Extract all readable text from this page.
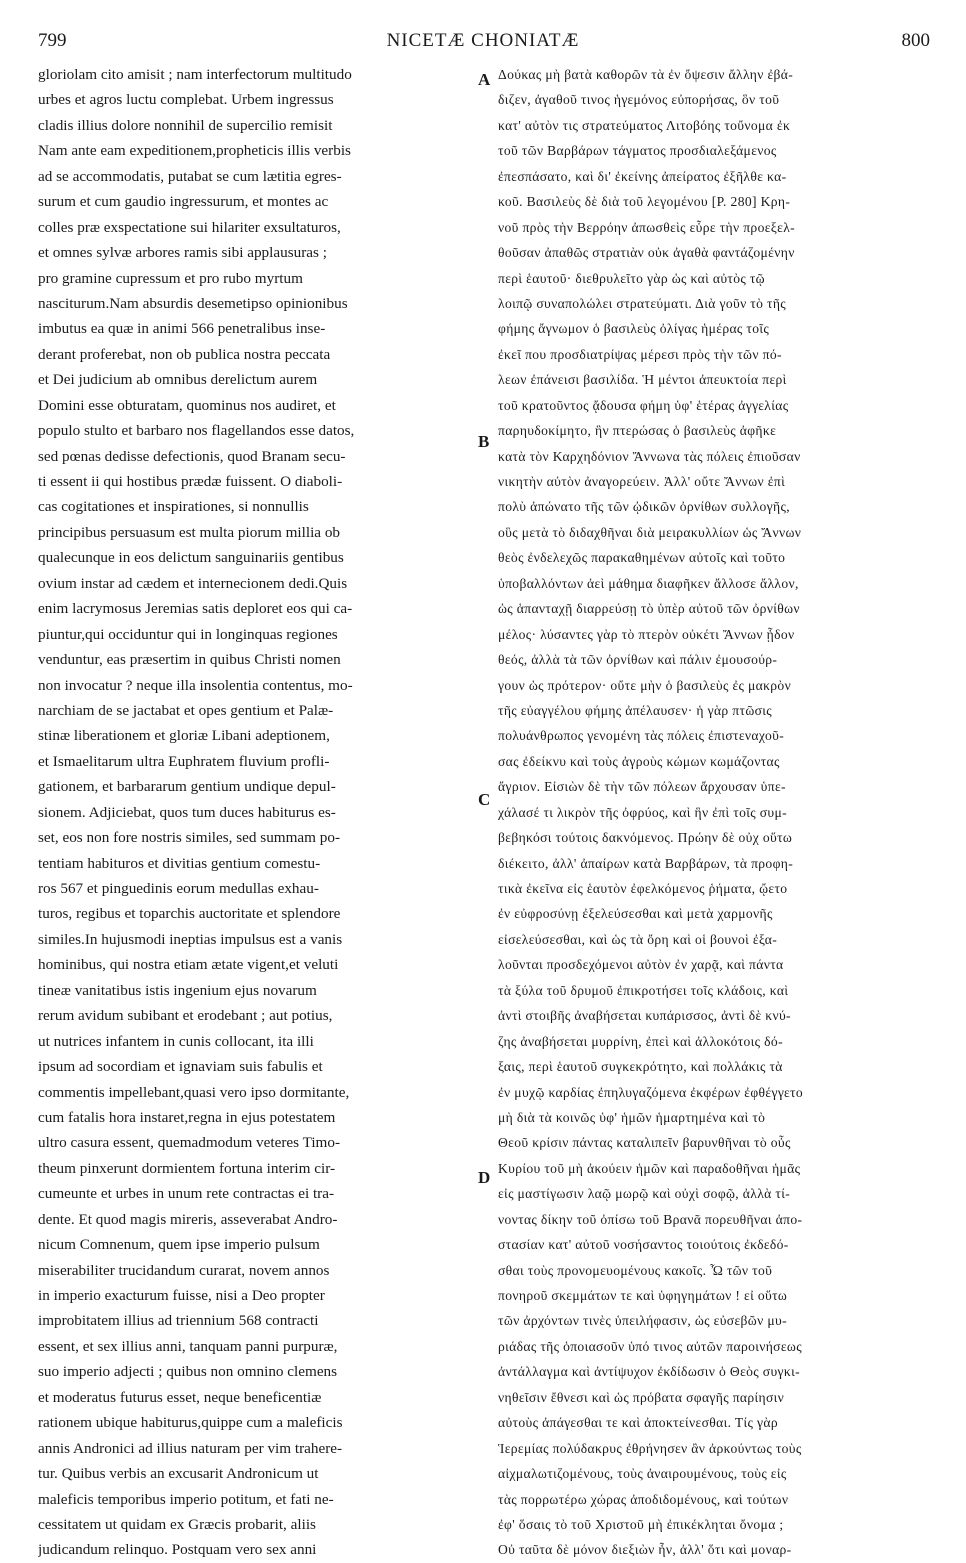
799	NICETÆ CHONIATÆ	800
gloriolam cito amisit ; nam interfectorum multitudo
urbes et agros luctu complebat. Urbem ingressus
cladis illius dolore nonnihil de supercilio remisit
Nam ante eam expeditionem,propheticis illis verbis
ad se accommodatis, putabat se cum lætitia egres-
surum et cum gaudio ingressurum, et montes ac
colles præ exspectatione sui hilariter exsultaturos,
et omnes sylvæ arbores ramis sibi applausuras ;
pro gramine cupressum et pro rubo myrtum
nasciturum.Nam absurdis desemetipso opinionibus
imbutus ea quæ in animi 566 penetralibus inse-
derant proferebat, non ob publica nostra peccata
et Dei judicium ab omnibus derelictum aurem
Domini esse obturatam, quominus nos audiret, et
populo stulto et barbaro nos flagellandos esse datos,
sed pœnas dedisse defectionis, quod Branam secu-
ti essent ii qui hostibus prædæ fuissent. O diaboli-
cas cogitationes et inspirationes, si nonnullis
principibus persuasum est multa piorum millia ob
qualecunque in eos delictum sanguinariis gentibus
ovium instar ad cædem et internecionem dedi.Quis
enim lacrymosus Jeremias satis deploret eos qui ca-
piuntur,qui occiduntur qui in longinquas regiones
venduntur, eas præsertim in quibus Christi nomen
non invocatur ? neque illa insolentia contentus, mo-
narchiam de se jactabat et opes gentium et Palæ-
stinæ liberationem et gloriæ Libani adeptionem,
et Ismaelitarum ultra Euphratem fluvium profli-
gationem, et barbararum gentium undique depul-
sionem. Adjiciebat, quos tum duces habiturus es-
set, eos non fore nostris similes, sed summam po-
tentiam habituros et divitias gentium comestu-
ros 567 et pinguedinis eorum medullas exhau-
turos, regibus et toparchis auctoritate et splendore
similes.In hujusmodi ineptias impulsus est a vanis
hominibus, qui nostra etiam ætate vigent,et veluti
tineæ vanitatibus istis ingenium ejus novarum
rerum avidum subibant et erodebant ; aut potius,
ut nutrices infantem in cunis collocant, ita illi
ipsum ad socordiam et ignaviam suis fabulis et
commentis impellebant,quasi vero ipso dormitante,
cum fatalis hora instaret,regna in ejus potestatem
ultro casura essent, quemadmodum veteres Timo-
theum pinxerunt dormientem fortuna interim cir-
cumeunte et urbes in unum rete contractas ei tra-
dente. Et quod magis mireris, asseverabat Andro-
nicum Comnenum, quem ipse imperio pulsum
miserabiliter trucidandum curarat, novem annos
in imperio exacturum fuisse, nisi a Deo propter
improbitatem illius ad triennium 568 contracti
essent, et sex illius anni, tanquam panni purpuræ,
suo imperio adjecti ; quibus non omnino clemens
et moderatus futurus esset, neque beneficentiæ
rationem ubique habiturus,quippe cum a maleficis
annis Andronici ad illius naturam per vim trahere-
tur. Quibus verbis an excusarit Andronicum ut
maleficis temporibus imperio potitum, et fati ne-
cessitatem ut quidam ex Græcis probarit, aliis
judicandum relinquo. Postquam vero sex anni
Δούκας μὴ βατὰ καθορῶν τὰ ἐν ὄψεσιν ἄλλην ἐβά-
διζεν, ἀγαθοῦ τινος ἡγεμόνος εὐπορήσας, ὃν τοῦ
κατ' αὐτὸν τις στρατεύματος Λιτοβόης τοὔνομα ἐκ
τοῦ τῶν Βαρβάρων τάγματος προσδιαλεξάμενος
ἐπεσπάσατο, καὶ δι' ἐκείνης ἀπείρατος ἐξῆλθε κα-
κοῦ. Βασιλεὺς δὲ διὰ τοῦ λεγομένου [P. 280] Κρη-
νοῦ πρὸς τὴν Βερρόην ἀπωσθεὶς εὗρε τὴν προεξελ-
θοῦσαν ἀπαθῶς στρατιὰν οὐκ ἀγαθὰ φαντάζομένην
περὶ ἑαυτοῦ· διεθρυλεῖτο γὰρ ὡς καὶ αὐτὸς τῷ
λοιπῷ συναπολώλει στρατεύματι. Διὰ γοῦν τὸ τῆς
φήμης ἄγνωμον ὁ βασιλεὺς ὀλίγας ἡμέρας τοῖς
ἐκεῖ που προσδιατρίψας μέρεσι πρὸς τὴν τῶν πό-
λεων ἐπάνεισι βασιλίδα. Ἡ μέντοι ἀπευκτοία περὶ
τοῦ κρατοῦντος ᾄδουσα φήμη ὑφ' ἑτέρας ἀγγελίας
παρηυδοκίμητο, ἣν πτερώσας ὁ βασιλεὺς ἀφῆκε
κατὰ τὸν Καρχηδόνιον Ἄννωνα τὰς πόλεις ἐπιοῦσαν
νικητὴν αὐτὸν ἀναγορεύειν. Ἀλλ' οὔτε Ἄννων ἐπὶ
πολὺ ἀπώνατο τῆς τῶν ᾠδικῶν ὀρνίθων συλλογῆς,
οὓς μετὰ τὸ διδαχθῆναι διὰ μειρακυλλίων ὡς Ἄννων
θεὸς ἐνδελεχῶς παρακαθημένων αὐτοῖς καὶ τοῦτο
ὑποβαλλόντων ἀεὶ μάθημα διαφῆκεν ἄλλοσε ἄλλον,
ὡς ἁπανταχῇ διαρρεύσῃ τὸ ὑπὲρ αὐτοῦ τῶν ὀρνίθων
μέλος· λύσαντες γὰρ τὸ πτερὸν οὐκέτι Ἄννων ᾖδον
θεός, ἀλλὰ τὰ τῶν ὀρνίθων καὶ πάλιν ἐμουσούρ-
γουν ὡς πρότερον· οὔτε μὴν ὁ βασιλεὺς ἐς μακρὸν
τῆς εὐαγγέλου φήμης ἀπέλαυσεν· ἡ γὰρ πτῶσις
πολυάνθρωπος γενομένη τὰς πόλεις ἐπιστεναχοῦ-
σας ἐδείκνυ καὶ τοὺς ἀγροὺς κώμων κωμάζοντας
ἄγριον. Εἰσιὼν δὲ τὴν τῶν πόλεων ἄρχουσαν ὑπε-
χάλασέ τι λικρὸν τῆς ὀφρύος, καὶ ἣν ἐπὶ τοῖς συμ-
βεβηκόσι τούτοις δακνόμενος. Πρώην δὲ οὐχ οὕτω
διέκειτο, ἀλλ' ἀπαίρων κατὰ Βαρβάρων, τὰ προφη-
τικὰ ἐκεῖνα εἰς ἑαυτὸν ἐφελκόμενος ῥήματα, ᾤετο
ἐν εὐφροσύνῃ ἐξελεύσεσθαι καὶ μετὰ χαρμονῆς
εἰσελεύσεσθαι, καὶ ὡς τὰ ὄρη καὶ οἱ βουνοὶ ἐξα-
λοῦνται προσδεχόμενοι αὐτὸν ἐν χαρᾷ, καὶ πάντα
τὰ ξύλα τοῦ δρυμοῦ ἐπικροτήσει τοῖς κλάδοις, καὶ
ἀντὶ στοιβῆς ἀναβήσεται κυπάρισσος, ἀντὶ δὲ κνύ-
ζης ἀναβήσεται μυρρίνη, ἐπεὶ καὶ ἀλλοκότοις δό-
ξαις, περὶ ἑαυτοῦ συγκεκρότητο, καὶ πολλάκις τὰ
ἐν μυχῷ καρδίας ἐπηλυγαζόμενα ἐκφέρων ἐφθέγγετο
μὴ διὰ τὰ κοινῶς ὑφ' ἡμῶν ἡμαρτημένα καὶ τὸ
Θεοῦ κρίσιν πάντας καταλιπεῖν βαρυνθῆναι τὸ οὖς
Κυρίου τοῦ μὴ ἀκούειν ἡμῶν καὶ παραδοθῆναι ἡμᾶς
εἰς μαστίγωσιν λαῷ μωρῷ καὶ οὐχὶ σοφῷ, ἀλλὰ τί-
νοντας δίκην τοῦ ὀπίσω τοῦ Βρανᾶ πορευθῆναι ἀπο-
στασίαν κατ' αὐτοῦ νοσήσαντος τοιούτοις ἐκδεδό-
σθαι τοὺς προνομευομένους κακοῖς. Ὦ τῶν τοῦ
πονηροῦ σκεμμάτων τε καὶ ὑφηγημάτων ! εἰ οὕτω
τῶν ἀρχόντων τινὲς ὑπειλήφασιν, ὡς εὐσεβῶν μυ-
ριάδας τῆς ὁποιασοῦν ὑπό τινος αὐτῶν παροινήσεως
ἀντάλλαγμα καὶ ἀντίψυχον ἐκδίδωσιν ὁ Θεὸς συγκι-
νηθεῖσιν ἔθνεσι καὶ ὡς πρόβατα σφαγῆς παρίησιν
αὐτοὺς ἀπάγεσθαι τε καὶ ἀποκτείνεσθαι. Τίς γὰρ
Ἱερεμίας πολύδακρυς ἐθρήνησεν ἂν ἀρκούντως τοὺς
αἰχμαλωτιζομένους, τοὺς ἀναιρουμένους, τοὺς εἰς
τὰς πορρωτέρω χώρας ἀποδιδομένους, καὶ τούτων
ἐφ' ὅσαις τὸ τοῦ Χριστοῦ μὴ ἐπικέκληται ὄνομα ;
Οὐ ταῦτα δὲ μόνον διεξιὼν ἦν, ἀλλ' ὅτι καὶ μοναρ-
A
B
C
D
